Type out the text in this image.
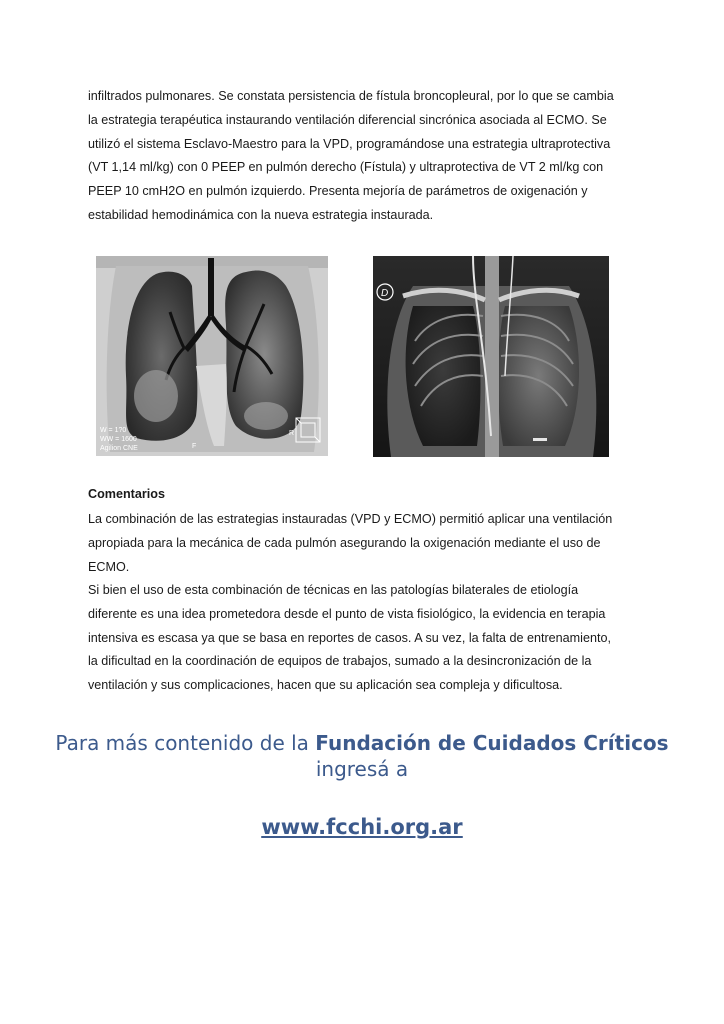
infiltrados pulmonares. Se constata persistencia de fístula broncopleural, por lo que se cambia
la estrategia terapéutica instaurando ventilación diferencial sincrónica asociada al ECMO. Se
utilizó el sistema Esclavo-Maestro para la VPD, programándose una estrategia ultraprotectiva
(VT 1,14 ml/kg) con 0 PEEP en pulmón derecho (Fístula) y ultraprotectiva de VT 2 ml/kg con
PEEP 10 cmH2O en pulmón izquierdo. Presenta mejoría de parámetros de oxigenación y
estabilidad hemodinámica con la nueva estrategia instaurada.
W = 1?0
WW = 1600
Agilion CNE	F
R
D
Comentarios
La combinación de las estrategias instauradas (VPD y ECMO) permitió aplicar una ventilación
apropiada para la mecánica de cada pulmón asegurando la oxigenación mediante el uso de
ECMO.
Si bien el uso de esta combinación de técnicas en las patologías bilaterales de etiología
diferente es una idea prometedora desde el punto de vista fisiológico, la evidencia en terapia
intensiva es escasa ya que se basa en reportes de casos. A su vez, la falta de entrenamiento,
la dificultad en la coordinación de equipos de trabajos, sumado a la desincronización de la
ventilación y sus complicaciones, hacen que su aplicación sea compleja y dificultosa.
Para más contenido de la Fundación de Cuidados Críticos
ingresá a
www.fcchi.org.ar
